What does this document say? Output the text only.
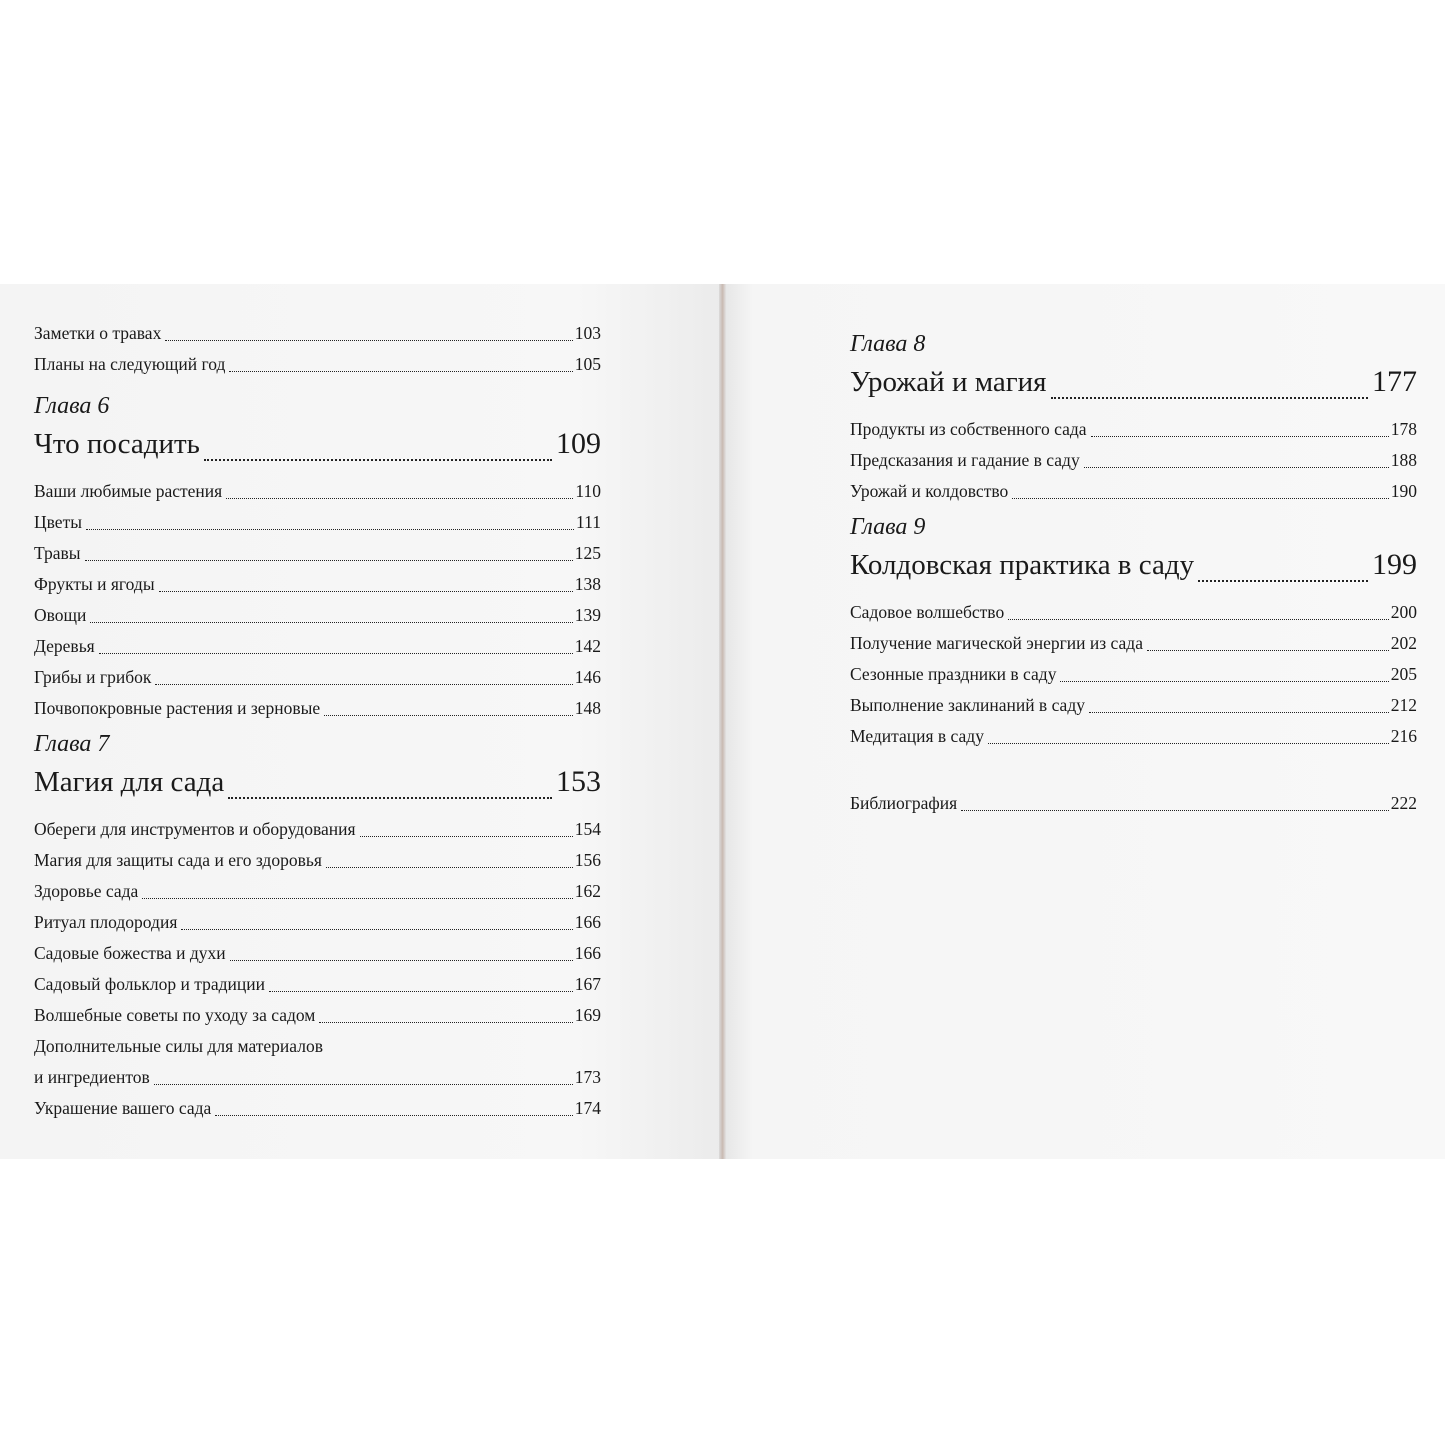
Заметки о травах	103
Планы на следующий год	105
Глава 6
Что посадить	109
Ваши любимые растения	110
Цветы	111
Травы	125
Фрукты и ягоды	138
Овощи	139
Деревья	142
Грибы и грибок	146
Почвопокровные растения и зерновые	148
Глава 7
Магия для сада	153
Обереги для инструментов и оборудования	154
Магия для защиты сада и его здоровья	156
Здоровье сада	162
Ритуал плодородия	166
Садовые божества и духи	166
Садовый фольклор и традиции	167
Волшебные советы по уходу за садом	169
Дополнительные силы для материалов
и ингредиентов	173
Украшение вашего сада	174
Глава 8
Урожай и магия	177
Продукты из собственного сада	178
Предсказания и гадание в саду	188
Урожай и колдовство	190
Глава 9
Колдовская практика в саду	199
Садовое волшебство	200
Получение магической энергии из сада	202
Сезонные праздники в саду	205
Выполнение заклинаний в саду	212
Медитация в саду	216
Библиография	222
